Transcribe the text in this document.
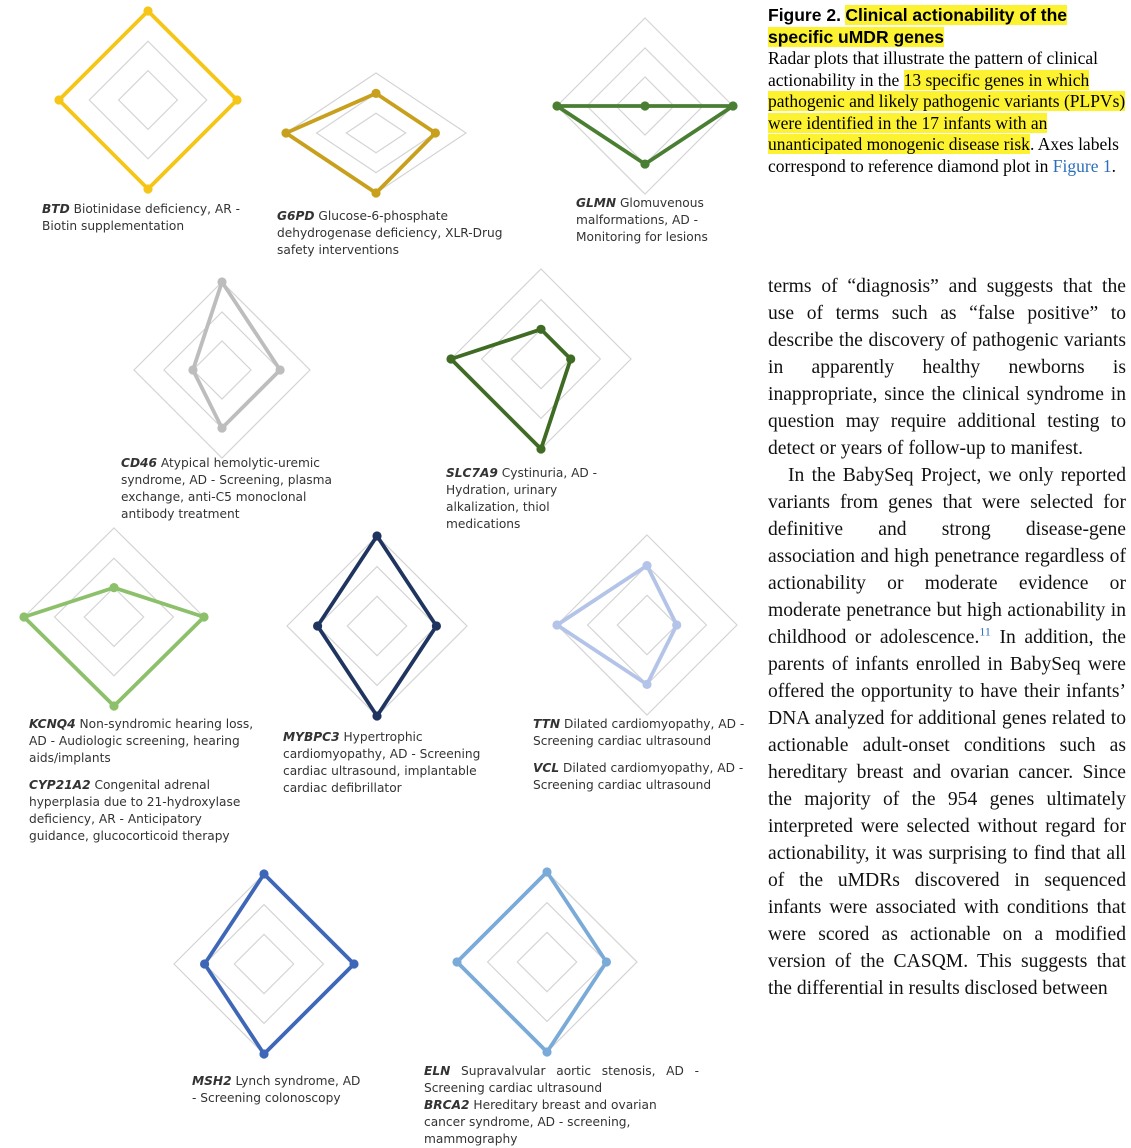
BTD Biotinidase deficiency, AR - Biotin supplementation
G6PD Glucose-6-phosphate dehydrogenase deficiency, XLR-Drug safety interventions
GLMN Glomuvenous malformations, AD - Monitoring for lesions
CD46 Atypical hemolytic-uremic syndrome, AD - Screening, plasma exchange, anti-C5 monoclonal antibody treatment
SLC7A9 Cystinuria, AD - Hydration, urinary alkalization, thiol medications
KCNQ4 Non-syndromic hearing loss, AD - Audiologic screening, hearing aids/implants
CYP21A2 Congenital adrenal hyperplasia due to 21-hydroxylase deficiency, AR - Anticipatory guidance, glucocorticoid therapy
MYBPC3 Hypertrophic cardiomyopathy, AD - Screening cardiac ultrasound, implantable cardiac defibrillator
TTN Dilated cardiomyopathy, AD - Screening cardiac ultrasound
VCL Dilated cardiomyopathy, AD - Screening cardiac ultrasound
MSH2 Lynch syndrome, AD - Screening colonoscopy
ELN Supravalvular aortic stenosis, AD - Screening cardiac ultrasound
BRCA2 Hereditary breast and ovarian cancer syndrome, AD - screening, mammography
Figure 2. Clinical actionability of the specific uMDR genes
Radar plots that illustrate the pattern of clinical actionability in the 13 specific genes in which pathogenic and likely pathogenic variants (PLPVs) were identified in the 17 infants with an unanticipated monogenic disease risk. Axes labels correspond to reference diamond plot in Figure 1.

terms of “diagnosis” and suggests that the use of terms such as “false positive” to describe the discovery of pathogenic variants in apparently healthy newborns is inappropriate, since the clinical syndrome in question may require additional testing to detect or years of follow-up to manifest.

In the BabySeq Project, we only reported variants from genes that were selected for definitive and strong disease-gene association and high penetrance regardless of actionability or moderate evidence or moderate penetrance but high actionability in childhood or adolescence.$^{11}$ In addition, the parents of infants enrolled in BabySeq were offered the opportunity to have their infants’ DNA analyzed for additional genes related to actionable adult-onset conditions such as hereditary breast and ovarian cancer. Since the majority of the 954 genes ultimately interpreted were selected without regard for actionability, it was surprising to find that all of the uMDRs discovered in sequenced infants were associated with conditions that were scored as actionable on a modified version of the CASQM. This suggests that the differential in results disclosed between
